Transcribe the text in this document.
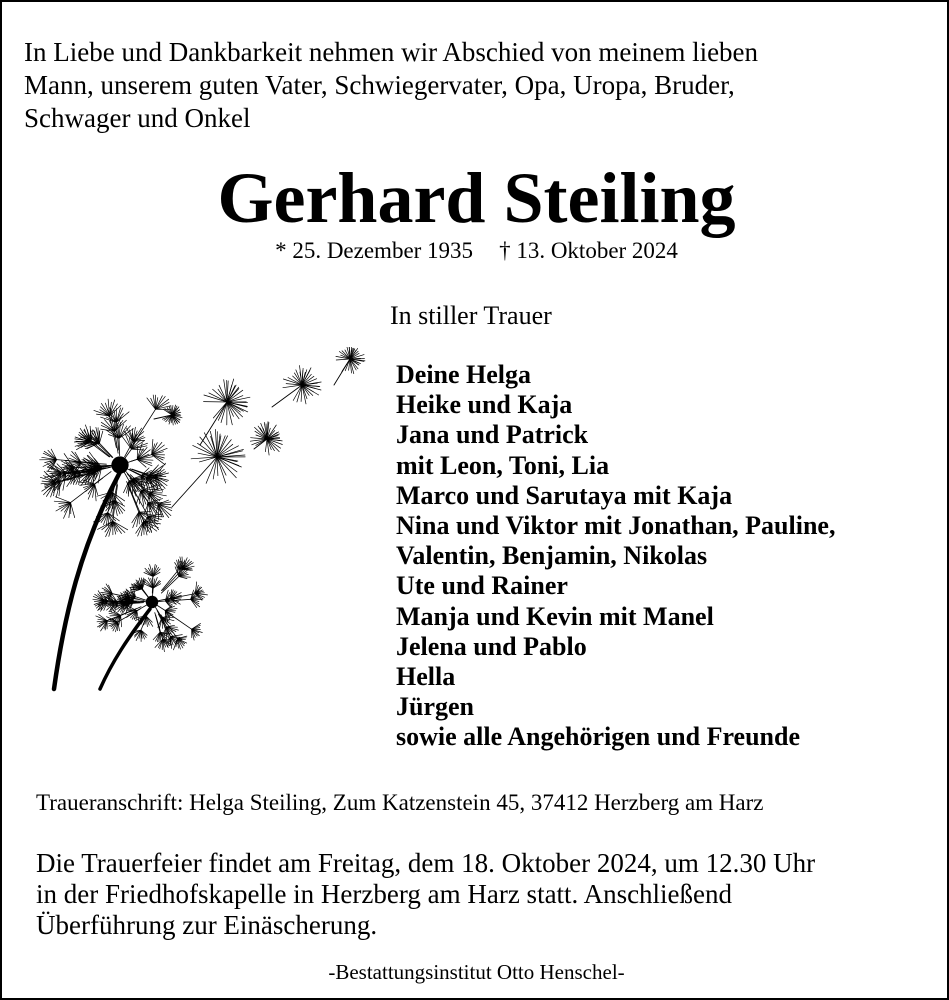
In Liebe und Dankbarkeit nehmen wir Abschied von meinem lieben
Mann, unserem guten Vater, Schwiegervater, Opa, Uropa, Bruder,
Schwager und Onkel

Gerhard Steiling
* 25. Dezember 1935 † 13. Oktober 2024
In stiller Trauer
Deine Helga
Heike und Kaja
Jana und Patrick
mit Leon, Toni, Lia
Marco und Sarutaya mit Kaja
Nina und Viktor mit Jonathan, Pauline,
Valentin, Benjamin, Nikolas
Ute und Rainer
Manja und Kevin mit Manel
Jelena und Pablo
Hella
Jürgen
sowie alle Angehörigen und Freunde
Traueranschrift: Helga Steiling, Zum Katzenstein 45, 37412 Herzberg am Harz
Die Trauerfeier findet am Freitag, dem 18. Oktober 2024, um 12.30 Uhr
in der Friedhofskapelle in Herzberg am Harz statt. Anschließend
Überführung zur Einäscherung.
-Bestattungsinstitut Otto Henschel-
